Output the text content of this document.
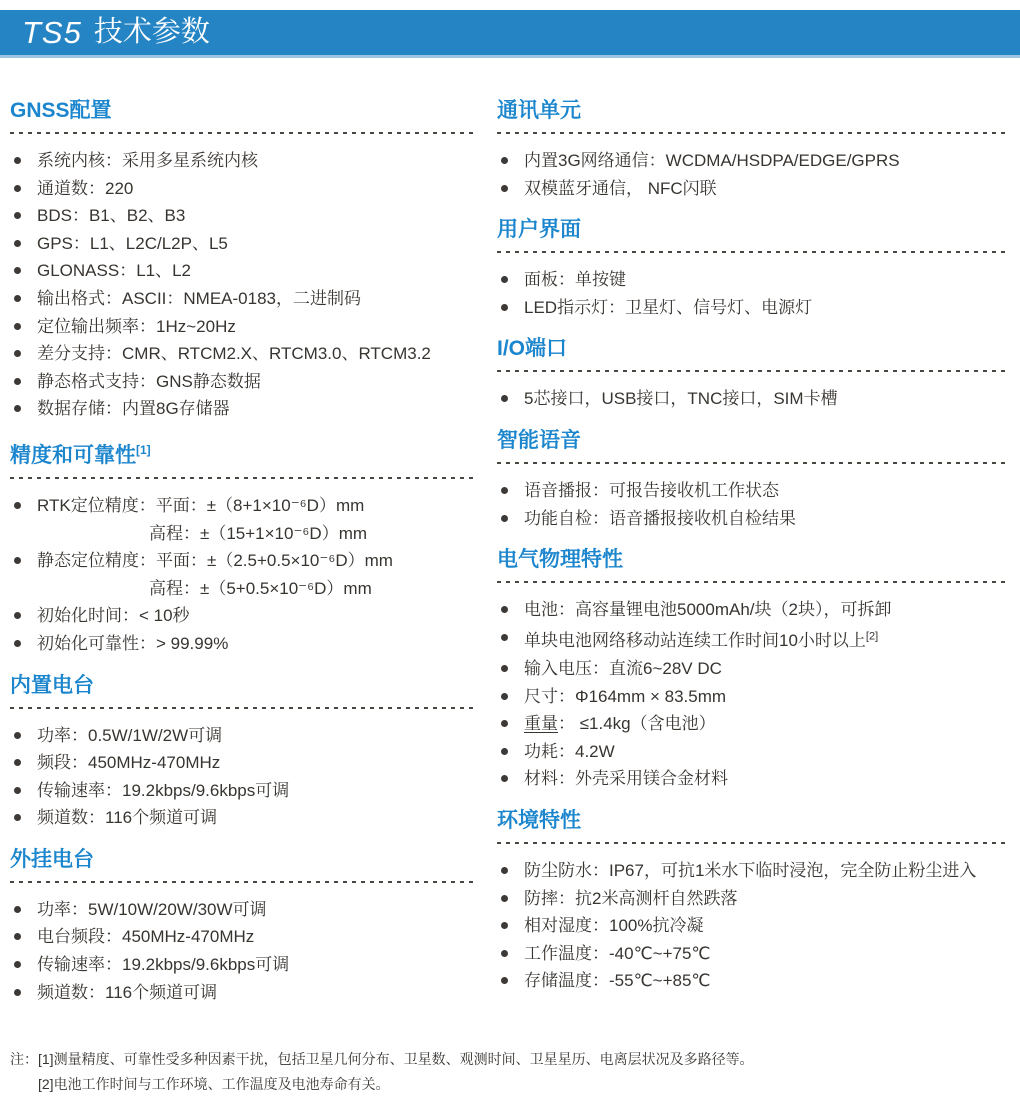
TS5 技术参数
GNSS配置
系统内核：采用多星系统内核
通道数：220
BDS：B1、B2、B3
GPS：L1、L2C/L2P、L5
GLONASS：L1、L2
输出格式：ASCII：NMEA-0183，二进制码
定位输出频率：1Hz~20Hz
差分支持：CMR、RTCM2.X、RTCM3.0、RTCM3.2
静态格式支持：GNS静态数据
数据存储：内置8G存储器
精度和可靠性[1]
RTK定位精度：平面：±（8+1×10⁻⁶D）mm
高程：±（15+1×10⁻⁶D）mm
静态定位精度：平面：±（2.5+0.5×10⁻⁶D）mm
高程：±（5+0.5×10⁻⁶D）mm
初始化时间：< 10秒
初始化可靠性：> 99.99%
内置电台
功率：0.5W/1W/2W可调
频段：450MHz-470MHz
传输速率：19.2kbps/9.6kbps可调
频道数：116个频道可调
外挂电台
功率：5W/10W/20W/30W可调
电台频段：450MHz-470MHz
传输速率：19.2kbps/9.6kbps可调
频道数：116个频道可调
通讯单元
内置3G网络通信：WCDMA/HSDPA/EDGE/GPRS
双模蓝牙通信， NFC闪联
用户界面
面板：单按键
LED指示灯：卫星灯、信号灯、电源灯
I/O端口
5芯接口，USB接口，TNC接口，SIM卡槽
智能语音
语音播报：可报告接收机工作状态
功能自检：语音播报接收机自检结果
电气物理特性
电池：高容量锂电池5000mAh/块（2块），可拆卸
单块电池网络移动站连续工作时间10小时以上[2]
输入电压：直流6~28V DC
尺寸：Φ164mm × 83.5mm
重量： ≤1.4kg（含电池）
功耗：4.2W
材料：外壳采用镁合金材料
环境特性
防尘防水：IP67，可抗1米水下临时浸泡，完全防止粉尘进入
防摔：抗2米高测杆自然跌落
相对湿度：100%抗冷凝
工作温度：-40℃~+75℃
存储温度：-55℃~+85℃
注： [1]测量精度、可靠性受多种因素干扰，包括卫星几何分布、卫星数、观测时间、卫星星历、电离层状况及多路径等。

[2]电池工作时间与工作环境、工作温度及电池寿命有关。
